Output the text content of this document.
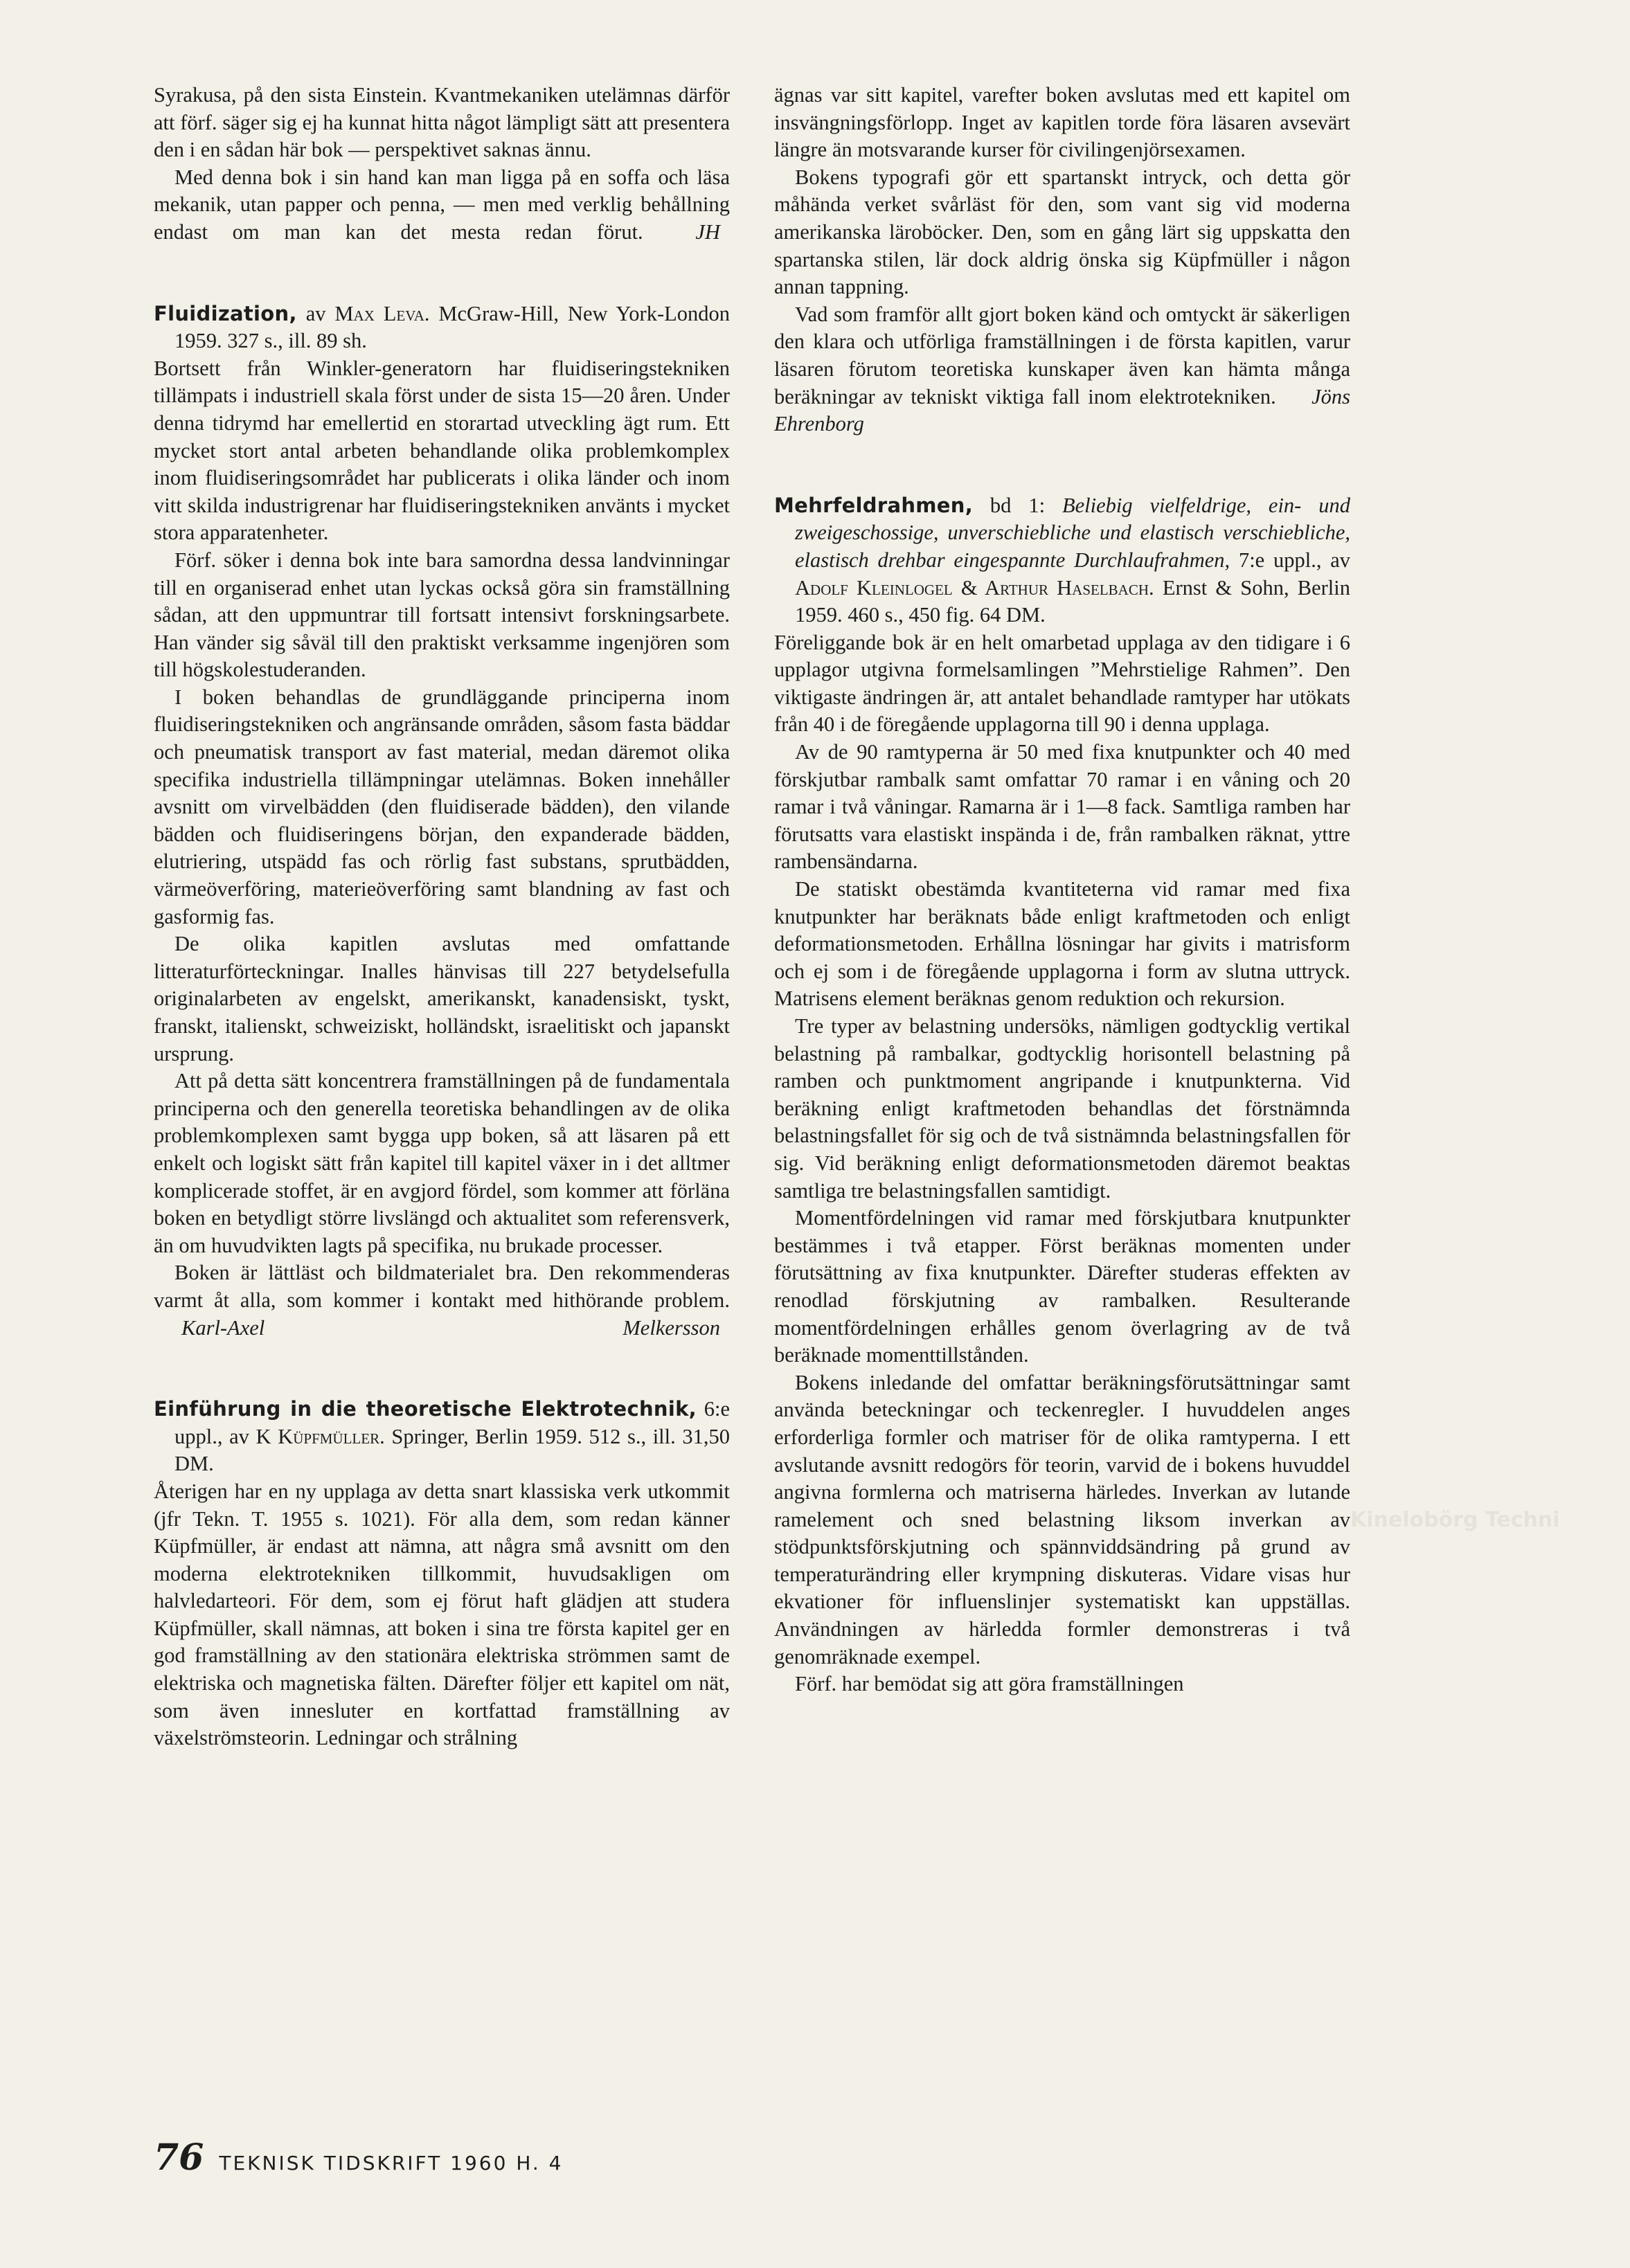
Syrakusa, på den sista Einstein. Kvantmekaniken utelämnas därför att förf. säger sig ej ha kunnat hitta något lämpligt sätt att presentera den i en sådan här bok — perspektivet saknas ännu.

Med denna bok i sin hand kan man ligga på en soffa och läsa mekanik, utan papper och penna, — men med verklig behållning endast om man kan det mesta redan förut. JH

Fluidization, av Max Leva. McGraw-Hill, New York-London 1959. 327 s., ill. 89 sh.

Bortsett från Winkler-generatorn har fluidiseringstekniken tillämpats i industriell skala först under de sista 15—20 åren. Under denna tidrymd har emellertid en storartad utveckling ägt rum. Ett mycket stort antal arbeten behandlande olika problemkomplex inom fluidiseringsområdet har publicerats i olika länder och inom vitt skilda industrigrenar har fluidiseringstekniken använts i mycket stora apparatenheter.

Förf. söker i denna bok inte bara samordna dessa landvinningar till en organiserad enhet utan lyckas också göra sin framställning sådan, att den uppmuntrar till fortsatt intensivt forskningsarbete. Han vänder sig såväl till den praktiskt verksamme ingenjören som till högskolestuderanden.

I boken behandlas de grundläggande principerna inom fluidiseringstekniken och angränsande områden, såsom fasta bäddar och pneumatisk transport av fast material, medan däremot olika specifika industriella tillämpningar utelämnas. Boken innehåller avsnitt om virvelbädden (den fluidiserade bädden), den vilande bädden och fluidiseringens början, den expanderade bädden, elutriering, utspädd fas och rörlig fast substans, sprutbädden, värmeöverföring, materieöverföring samt blandning av fast och gasformig fas.

De olika kapitlen avslutas med omfattande litteraturförteckningar. Inalles hänvisas till 227 betydelsefulla originalarbeten av engelskt, amerikanskt, kanadensiskt, tyskt, franskt, italienskt, schweiziskt, holländskt, israelitiskt och japanskt ursprung.

Att på detta sätt koncentrera framställningen på de fundamentala principerna och den generella teoretiska behandlingen av de olika problemkomplexen samt bygga upp boken, så att läsaren på ett enkelt och logiskt sätt från kapitel till kapitel växer in i det alltmer komplicerade stoffet, är en avgjord fördel, som kommer att förläna boken en betydligt större livslängd och aktualitet som referensverk, än om huvudvikten lagts på specifika, nu brukade processer.

Boken är lättläst och bildmaterialet bra. Den rekommenderas varmt åt alla, som kommer i kontakt med hithörande problem. Karl-Axel Melkersson

Einführung in die theoretische Elektrotechnik, 6:e uppl., av K Küpfmüller. Springer, Berlin 1959. 512 s., ill. 31,50 DM.

Återigen har en ny upplaga av detta snart klassiska verk utkommit (jfr Tekn. T. 1955 s. 1021). För alla dem, som redan känner Küpfmüller, är endast att nämna, att några små avsnitt om den moderna elektrotekniken tillkommit, huvudsakligen om halvledarteori. För dem, som ej förut haft glädjen att studera Küpfmüller, skall nämnas, att boken i sina tre första kapitel ger en god framställning av den stationära elektriska strömmen samt de elektriska och magnetiska fälten. Därefter följer ett kapitel om nät, som även innesluter en kortfattad framställning av växelströmsteorin. Ledningar och strålning

ägnas var sitt kapitel, varefter boken avslutas med ett kapitel om insvängningsförlopp. Inget av kapitlen torde föra läsaren avsevärt längre än motsvarande kurser för civilingenjörsexamen.

Bokens typografi gör ett spartanskt intryck, och detta gör måhända verket svårläst för den, som vant sig vid moderna amerikanska läroböcker. Den, som en gång lärt sig uppskatta den spartanska stilen, lär dock aldrig önska sig Küpfmüller i någon annan tappning.

Vad som framför allt gjort boken känd och omtyckt är säkerligen den klara och utförliga framställningen i de första kapitlen, varur läsaren förutom teoretiska kunskaper även kan hämta många beräkningar av tekniskt viktiga fall inom elektrotekniken. Jöns Ehrenborg

Mehrfeldrahmen, bd 1: Beliebig vielfeldrige, ein- und zweigeschossige, unverschiebliche und elastisch verschiebliche, elastisch drehbar eingespannte Durchlaufrahmen, 7:e uppl., av Adolf Kleinlogel & Arthur Haselbach. Ernst & Sohn, Berlin 1959. 460 s., 450 fig. 64 DM.

Föreliggande bok är en helt omarbetad upplaga av den tidigare i 6 upplagor utgivna formelsamlingen ”Mehrstielige Rahmen”. Den viktigaste ändringen är, att antalet behandlade ramtyper har utökats från 40 i de föregående upplagorna till 90 i denna upplaga.

Av de 90 ramtyperna är 50 med fixa knutpunkter och 40 med förskjutbar rambalk samt omfattar 70 ramar i en våning och 20 ramar i två våningar. Ramarna är i 1—8 fack. Samtliga ramben har förutsatts vara elastiskt inspända i de, från rambalken räknat, yttre rambensändarna.

De statiskt obestämda kvantiteterna vid ramar med fixa knutpunkter har beräknats både enligt kraftmetoden och enligt deformationsmetoden. Erhållna lösningar har givits i matrisform och ej som i de föregående upplagorna i form av slutna uttryck. Matrisens element beräknas genom reduktion och rekursion.

Tre typer av belastning undersöks, nämligen godtycklig vertikal belastning på rambalkar, godtycklig horisontell belastning på ramben och punktmoment angripande i knutpunkterna. Vid beräkning enligt kraftmetoden behandlas det förstnämnda belastningsfallet för sig och de två sistnämnda belastningsfallen för sig. Vid beräkning enligt deformationsmetoden däremot beaktas samtliga tre belastningsfallen samtidigt.

Momentfördelningen vid ramar med förskjutbara knutpunkter bestämmes i två etapper. Först beräknas momenten under förutsättning av fixa knutpunkter. Därefter studeras effekten av renodlad förskjutning av rambalken. Resulterande momentfördelningen erhålles genom överlagring av de två beräknade momenttillstånden.

Bokens inledande del omfattar beräkningsförutsättningar samt använda beteckningar och teckenregler. I huvuddelen anges erforderliga formler och matriser för de olika ramtyperna. I ett avslutande avsnitt redogörs för teorin, varvid de i bokens huvuddel angivna formlerna och matriserna härledes. Inverkan av lutande ramelement och sned belastning liksom inverkan av stödpunktsförskjutning och spännviddsändring på grund av temperaturändring eller krympning diskuteras. Vidare visas hur ekvationer för influenslinjer systematiskt kan uppställas. Användningen av härledda formler demonstreras i två genomräknade exempel.

Förf. har bemödat sig att göra framställningen

Kinelobörg Techni
76 TEKNISK TIDSKRIFT 1960 H. 4
